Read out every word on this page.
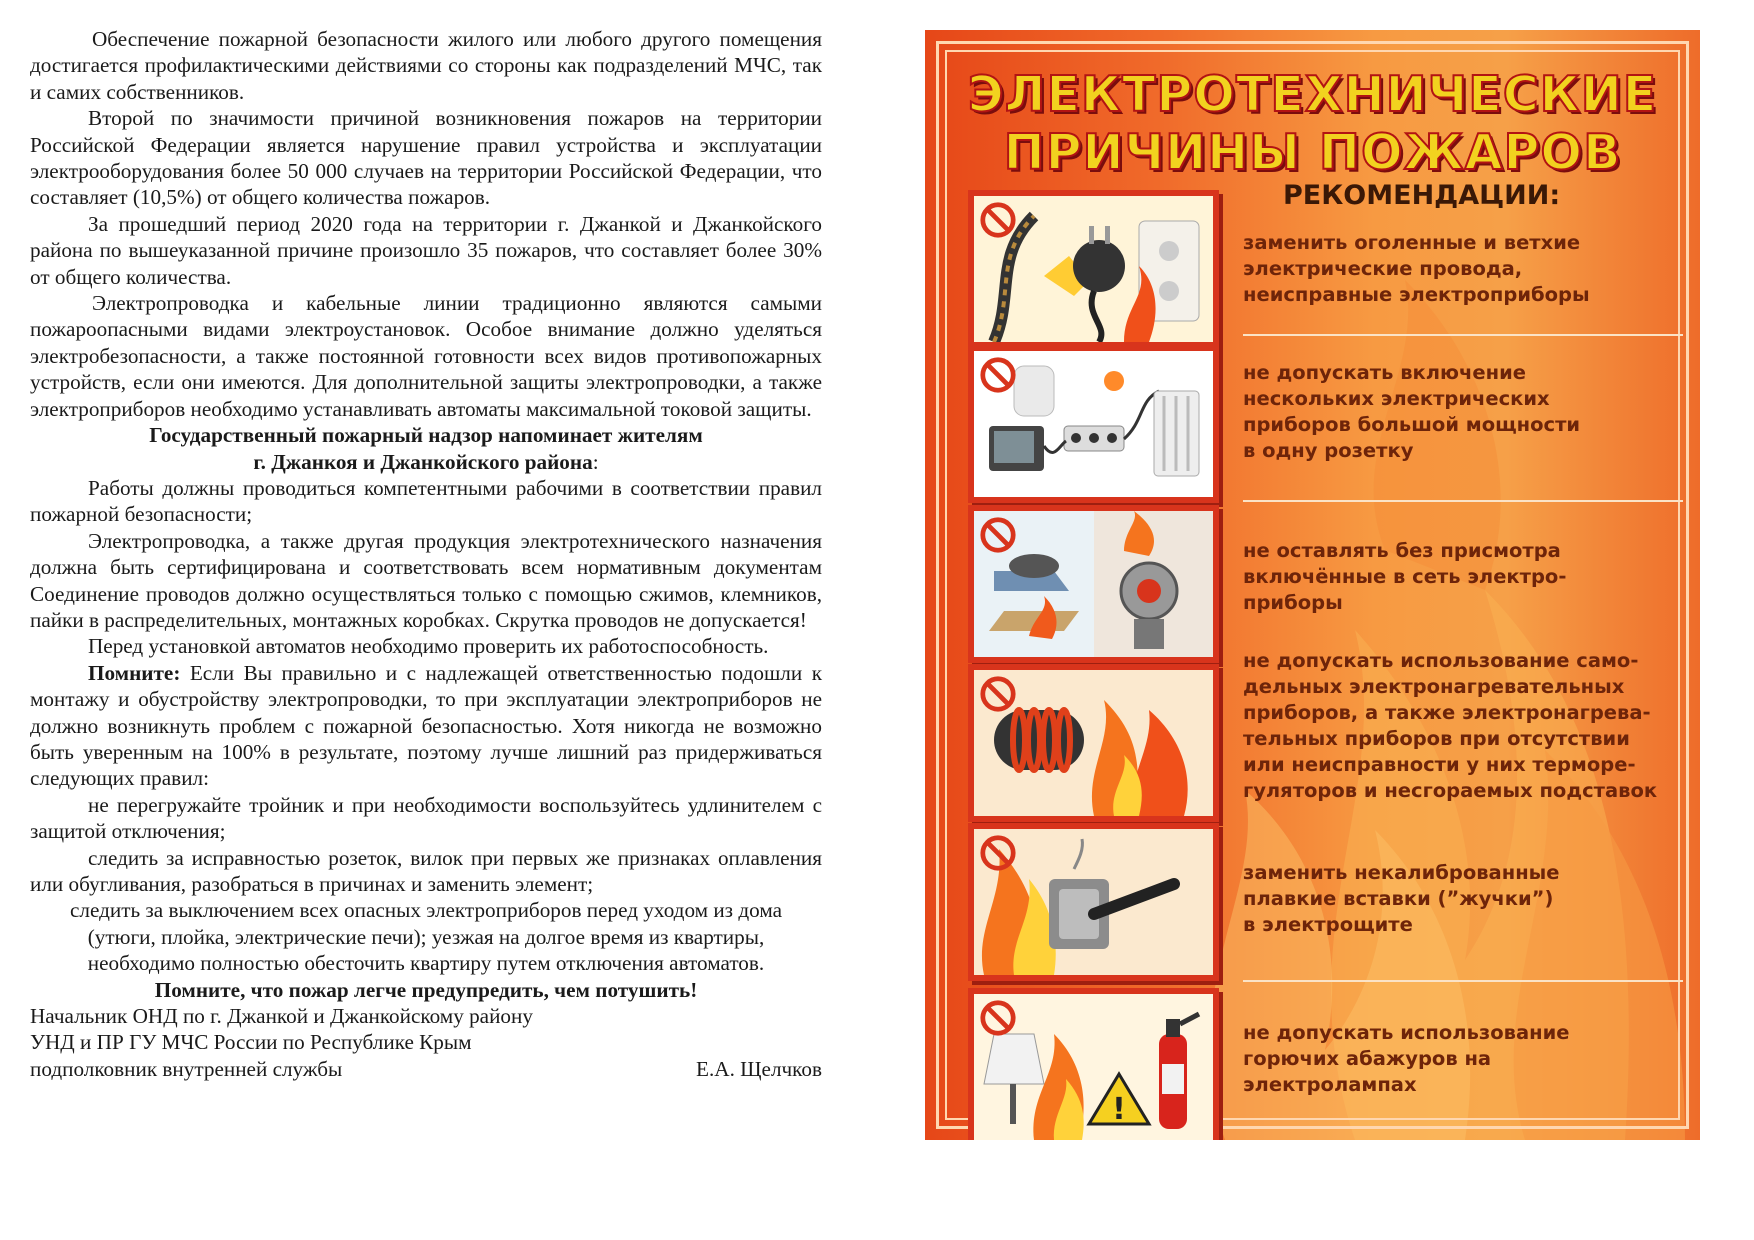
Обеспечение пожарной безопасности жилого или любого другого помещения достигается профилактическими действиями со стороны как подразделений МЧС, так и самих собственников.

Второй по значимости причиной возникновения пожаров на территории Российской Федерации является нарушение правил устройства и эксплуатации электрооборудования более 50 000 случаев на территории Российской Федерации, что составляет (10,5%) от общего количества пожаров.

За прошедший период 2020 года на территории г. Джанкой и Джанкойского района по вышеуказанной причине произошло 35 пожаров, что составляет более 30% от общего количества.

Электропроводка и кабельные линии традиционно являются самыми пожароопасными видами электроустановок. Особое внимание должно уделяться электробезопасности, а также постоянной готовности всех видов противопожарных устройств, если они имеются. Для дополнительной защиты электропроводки, а также электроприборов необходимо устанавливать автоматы максимальной токовой защиты.

Государственный пожарный надзор напоминает жителям
г. Джанкоя и Джанкойского района:

Работы должны проводиться компетентными рабочими в соответствии правил пожарной безопасности;

Электропроводка, а также другая продукция электротехнического назначения должна быть сертифицирована и соответствовать всем нормативным документам Соединение проводов должно осуществляться только с помощью сжимов, клемников, пайки в распределительных, монтажных коробках. Скрутка проводов не допускается!

Перед установкой автоматов необходимо проверить их работоспособность.

Помните: Если Вы правильно и с надлежащей ответственностью подошли к монтажу и обустройству электропроводки, то при эксплуатации электроприборов не должно возникнуть проблем с пожарной безопасностью. Хотя никогда не возможно быть уверенным на 100% в результате, поэтому лучше лишний раз придерживаться следующих правил:

не перегружайте тройник и при необходимости воспользуйтесь удлинителем с защитой отключения;

следить за исправностью розеток, вилок при первых же признаках оплавления или обугливания, разобраться в причинах и заменить элемент;

следить за выключением всех опасных электроприборов перед уходом из дома (утюги, плойка, электрические печи); уезжая на долгое время из квартиры, необходимо полностью обесточить квартиру путем отключения автоматов.

Помните, что пожар легче предупредить, чем потушить!

Начальник ОНД по г. Джанкой и Джанкойскому району

УНД и ПР ГУ МЧС России по Республике Крым

подполковник внутренней службы	Е.А. Щелчков

ЭЛЕКТРОТЕХНИЧЕСКИЕ
ПРИЧИНЫ ПОЖАРОВ
РЕКОМЕНДАЦИИ:
заменить оголенные и ветхие
электрические провода,
неисправные электроприборы
не допускать включение
нескольких электрических
приборов большой мощности
в одну розетку
не оставлять без присмотра
включённые в сеть электро-
приборы
не допускать использование само-
дельных электронагревательных
приборов, а также электронагрева-
тельных приборов при отсутствии
или неисправности у них терморе-
гуляторов и несгораемых подставок
заменить некалиброванные
плавкие вставки (”жучки”)
в электрощите
!
не допускать использование
горючих абажуров на
электролампах
